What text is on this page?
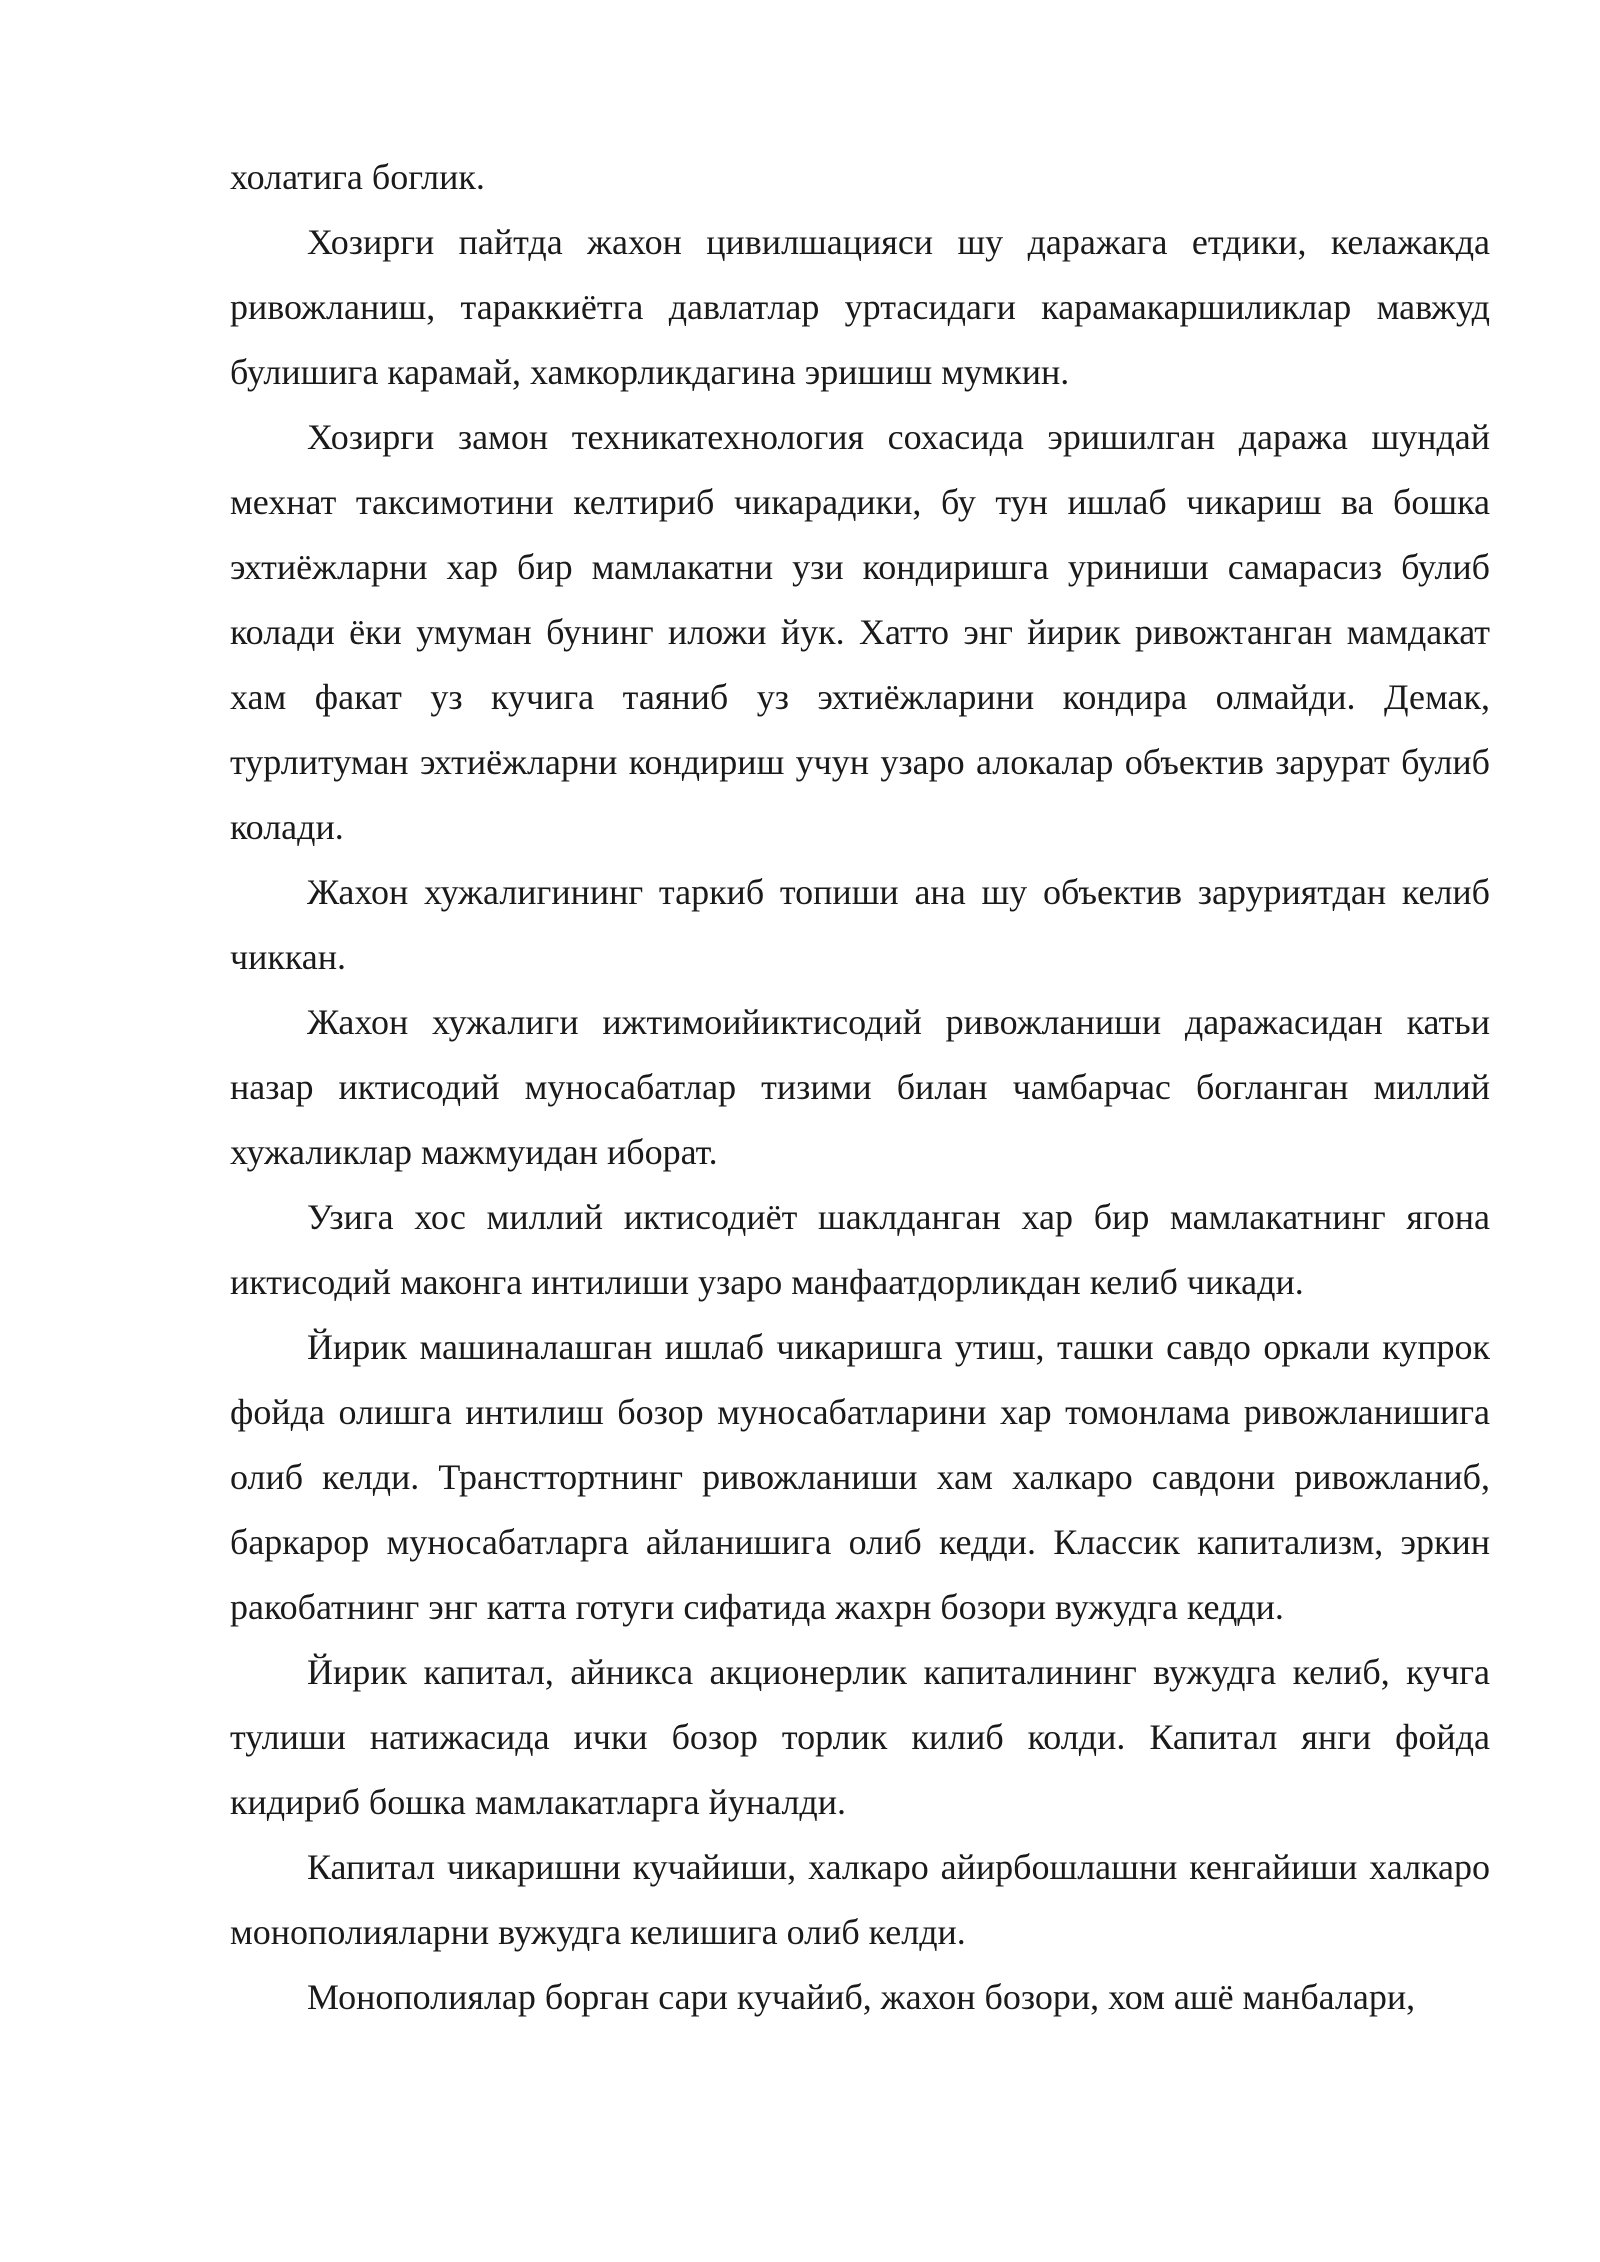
холатига боглик.

Хозирги пайтда жахон цивилшацияси шу даражага етдики, келажакда ривожланиш, тараккиётга давлатлар уртасидаги карамакаршиликлар мавжуд булишига карамай, хамкорликдагина эришиш мумкин.

Хозирги замон техникатехнология сохасида эришилган даража шундай мехнат таксимотини келтириб чикарадики, бу тун ишлаб чикариш ва бошка эхтиёжларни хар бир мамлакатни узи кондиришга уриниши самарасиз булиб колади ёки умуман бунинг иложи йук. Хатто энг йирик ривожтанган мамдакат хам факат уз кучига таяниб уз эхтиёжларини кондира олмайди. Демак, турлитуман эхтиёжларни кондириш учун узаро алокалар объектив зарурат булиб колади.

Жахон хужалигининг таркиб топиши ана шу объектив заруриятдан келиб чиккан.

Жахон хужалиги ижтимоийиктисодий ривожланиши даражасидан катьи назар иктисодий муносабатлар тизими билан чамбарчас богланган миллий хужаликлар мажмуидан иборат.

Узига хос миллий иктисодиёт шаклданган хар бир мамлакатнинг ягона иктисодий маконга интилиши узаро манфаатдорликдан келиб чикади.

Йирик машиналашган ишлаб чикаришга утиш, ташки савдо оркали купрок фойда олишга интилиш бозор муносабатларини хар томонлама ривожланишига олиб келди. Трансттортнинг ривожланиши хам халкаро савдони ривожланиб, баркарор муносабатларга айланишига олиб кедди. Классик капитализм, эркин ракобатнинг энг катта готуги сифатида жахрн бозори вужудга кедди.

Йирик капитал, айникса акционерлик капиталининг вужудга келиб, кучга тулиши натижасида ички бозор торлик килиб колди. Капитал янги фойда кидириб бошка мамлакатларга йуналди.

Капитал чикаришни кучайиши, халкаро айирбошлашни кенгайиши халкаро монополияларни вужудга келишига олиб келди.

Монополиялар борган сари кучайиб, жахон бозори, хом ашё манбалари,
